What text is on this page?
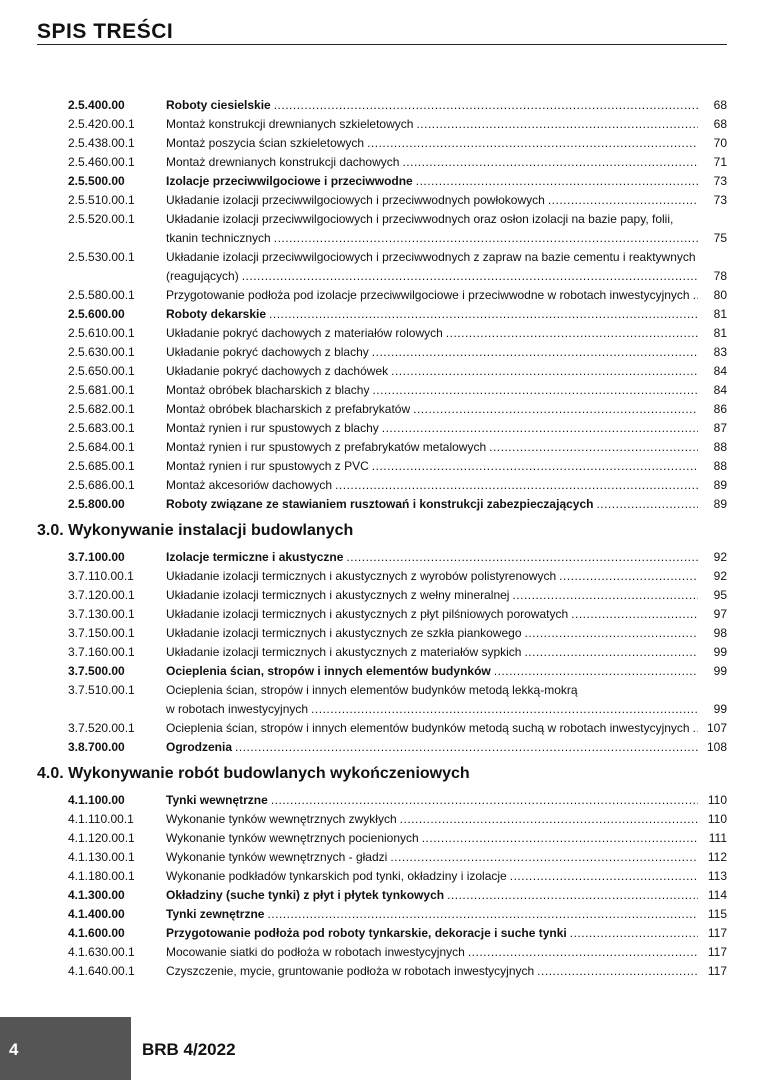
SPIS TREŚCI
2.5.400.00	Roboty ciesielskie .....	68
2.5.420.00.1	Montaż konstrukcji drewnianych szkieletowych .....	68
2.5.438.00.1	Montaż poszycia ścian szkieletowych .....	70
2.5.460.00.1	Montaż drewnianych konstrukcji dachowych .....	71
2.5.500.00	Izolacje przeciwwilgociowe i przeciwwodne .....	73
2.5.510.00.1	Układanie izolacji przeciwwilgociowych i przeciwwodnych powłokowych .....	73
2.5.520.00.1	Układanie izolacji przeciwwilgociowych i przeciwwodnych oraz osłon izolacji na bazie papy, folii,
tkanin technicznych .....	75
2.5.530.00.1	Układanie izolacji przeciwwilgociowych i przeciwwodnych z zapraw na bazie cementu i reaktywnych
(reagujących) .....	78
2.5.580.00.1	Przygotowanie podłoża pod izolacje przeciwwilgociowe i przeciwwodne w robotach inwestycyjnych .....	80
2.5.600.00	Roboty dekarskie .....	81
2.5.610.00.1	Układanie pokryć dachowych z materiałów rolowych .....	81
2.5.630.00.1	Układanie pokryć dachowych z blachy .....	83
2.5.650.00.1	Układanie pokryć dachowych z dachówek .....	84
2.5.681.00.1	Montaż obróbek blacharskich z blachy .....	84
2.5.682.00.1	Montaż obróbek blacharskich z prefabrykatów .....	86
2.5.683.00.1	Montaż rynien i rur spustowych z blachy .....	87
2.5.684.00.1	Montaż rynien i rur spustowych z prefabrykatów metalowych .....	88
2.5.685.00.1	Montaż rynien i rur spustowych z PVC .....	88
2.5.686.00.1	Montaż akcesoriów dachowych .....	89
2.5.800.00	Roboty związane ze stawianiem rusztowań i konstrukcji zabezpieczających .....	89
3.0. Wykonywanie instalacji budowlanych
3.7.100.00	Izolacje termiczne i akustyczne .....	92
3.7.110.00.1	Układanie izolacji termicznych i akustycznych z wyrobów polistyrenowych .....	92
3.7.120.00.1	Układanie izolacji termicznych i akustycznych z wełny mineralnej .....	95
3.7.130.00.1	Układanie izolacji termicznych i akustycznych z płyt pilśniowych porowatych .....	97
3.7.150.00.1	Układanie izolacji termicznych i akustycznych ze szkła piankowego .....	98
3.7.160.00.1	Układanie izolacji termicznych i akustycznych z materiałów sypkich .....	99
3.7.500.00	Ocieplenia ścian, stropów i innych elementów budynków .....	99
3.7.510.00.1	Ocieplenia ścian, stropów i innych elementów budynków metodą lekką-mokrą
w robotach inwestycyjnych .....	99
3.7.520.00.1	Ocieplenia ścian, stropów i innych elementów budynków metodą suchą w robotach inwestycyjnych .....	107
3.8.700.00	Ogrodzenia .....	108
4.0. Wykonywanie robót budowlanych wykończeniowych
4.1.100.00	Tynki wewnętrzne .....	110
4.1.110.00.1	Wykonanie tynków wewnętrznych zwykłych .....	110
4.1.120.00.1	Wykonanie tynków wewnętrznych pocienionych .....	111
4.1.130.00.1	Wykonanie tynków wewnętrznych - gładzi .....	112
4.1.180.00.1	Wykonanie podkładów tynkarskich pod tynki, okładziny i izolacje .....	113
4.1.300.00	Okładziny (suche tynki) z płyt i płytek tynkowych .....	114
4.1.400.00	Tynki zewnętrzne .....	115
4.1.600.00	Przygotowanie podłoża pod roboty tynkarskie, dekoracje i suche tynki .....	117
4.1.630.00.1	Mocowanie siatki do podłoża w robotach inwestycyjnych .....	117
4.1.640.00.1	Czyszczenie, mycie, gruntowanie podłoża w robotach inwestycyjnych .....	117
4	BRB 4/2022
